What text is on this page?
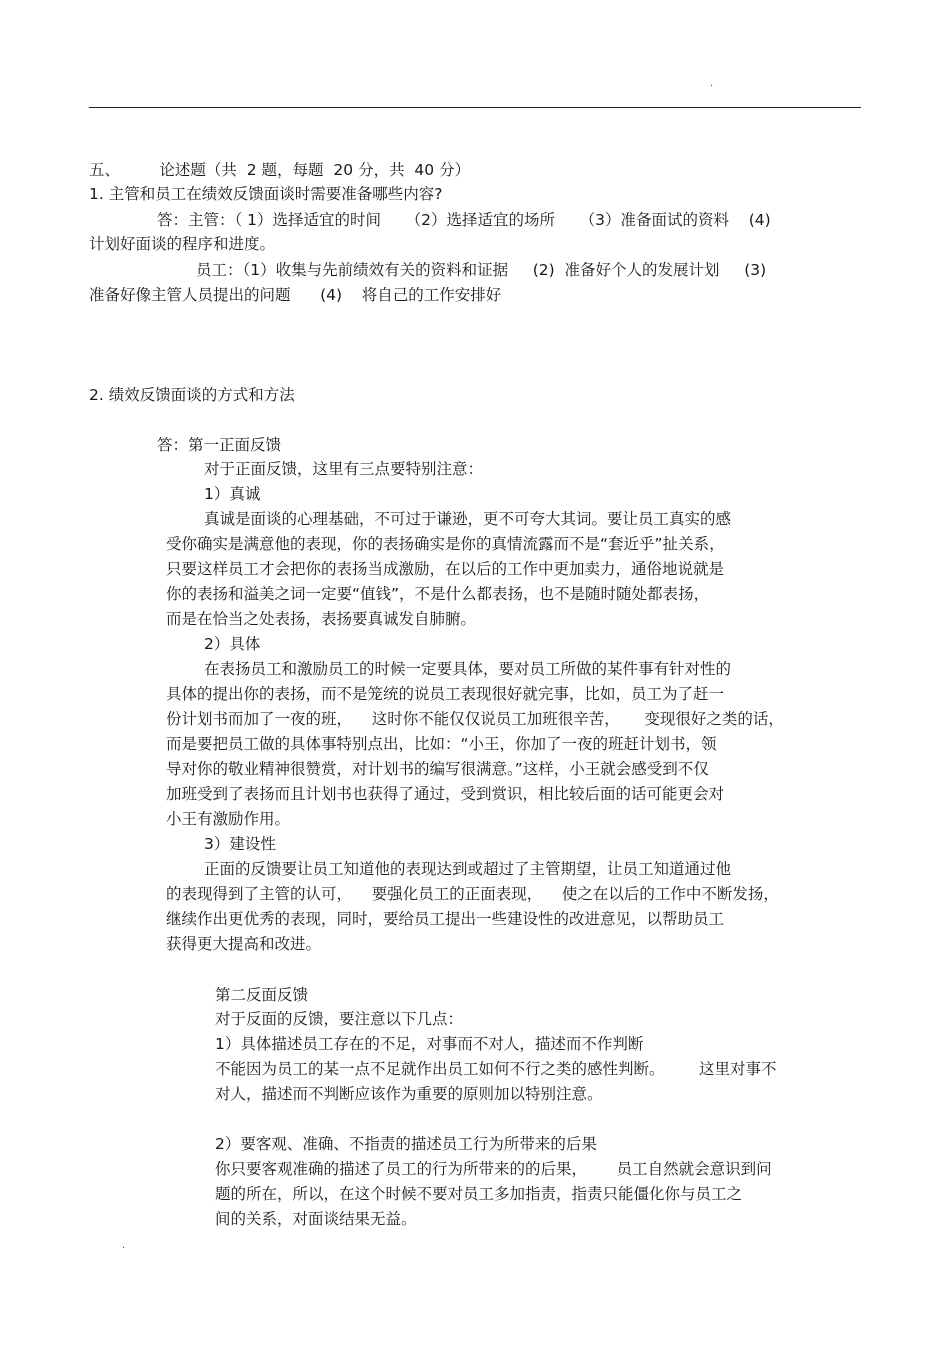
.
五、        论述题（共  2 题，每题  20 分，共  40 分）
1. 主管和员工在绩效反馈面谈时需要准备哪些内容?
答：主管：（ 1）选择适宜的时间     （2）选择适宜的场所     （3）准备面试的资料    (4)
计划好面谈的程序和进度。
员工：（1）收集与先前绩效有关的资料和证据     (2)  准备好个人的发展计划     (3)
准备好像主管人员提出的问题      (4)    将自己的工作安排好
2. 绩效反馈面谈的方式和方法
答：第一正面反馈
对于正面反馈，这里有三点要特别注意：
1）真诚
真诚是面谈的心理基础，不可过于谦逊，更不可夸大其词。要让员工真实的感
受你确实是满意他的表现，你的表扬确实是你的真情流露而不是“套近乎”扯关系，
只要这样员工才会把你的表扬当成激励，在以后的工作中更加卖力，通俗地说就是
你的表扬和溢美之词一定要“值钱”，不是什么都表扬，也不是随时随处都表扬，
而是在恰当之处表扬，表扬要真诚发自肺腑。
2）具体
在表扬员工和激励员工的时候一定要具体，要对员工所做的某件事有针对性的
具体的提出你的表扬，而不是笼统的说员工表现很好就完事，比如，员工为了赶一
份计划书而加了一夜的班，    这时你不能仅仅说员工加班很辛苦，     变现很好之类的话，
而是要把员工做的具体事特别点出，比如：“小王，你加了一夜的班赶计划书，领
导对你的敬业精神很赞赏，对计划书的编写很满意。”这样，小王就会感受到不仅
加班受到了表扬而且计划书也获得了通过，受到赏识，相比较后面的话可能更会对
小王有激励作用。
3）建设性
正面的反馈要让员工知道他的表现达到或超过了主管期望，让员工知道通过他
的表现得到了主管的认可，    要强化员工的正面表现，    使之在以后的工作中不断发扬，
继续作出更优秀的表现，同时，要给员工提出一些建设性的改进意见，以帮助员工
获得更大提高和改进。
第二反面反馈
对于反面的反馈，要注意以下几点：
1）具体描述员工存在的不足，对事而不对人，描述而不作判断
不能因为员工的某一点不足就作出员工如何不行之类的感性判断。       这里对事不
对人，描述而不判断应该作为重要的原则加以特别注意。
2）要客观、准确、不指责的描述员工行为所带来的后果
你只要客观准确的描述了员工的行为所带来的的后果，      员工自然就会意识到问
题的所在，所以，在这个时候不要对员工多加指责，指责只能僵化你与员工之
间的关系，对面谈结果无益。
.
